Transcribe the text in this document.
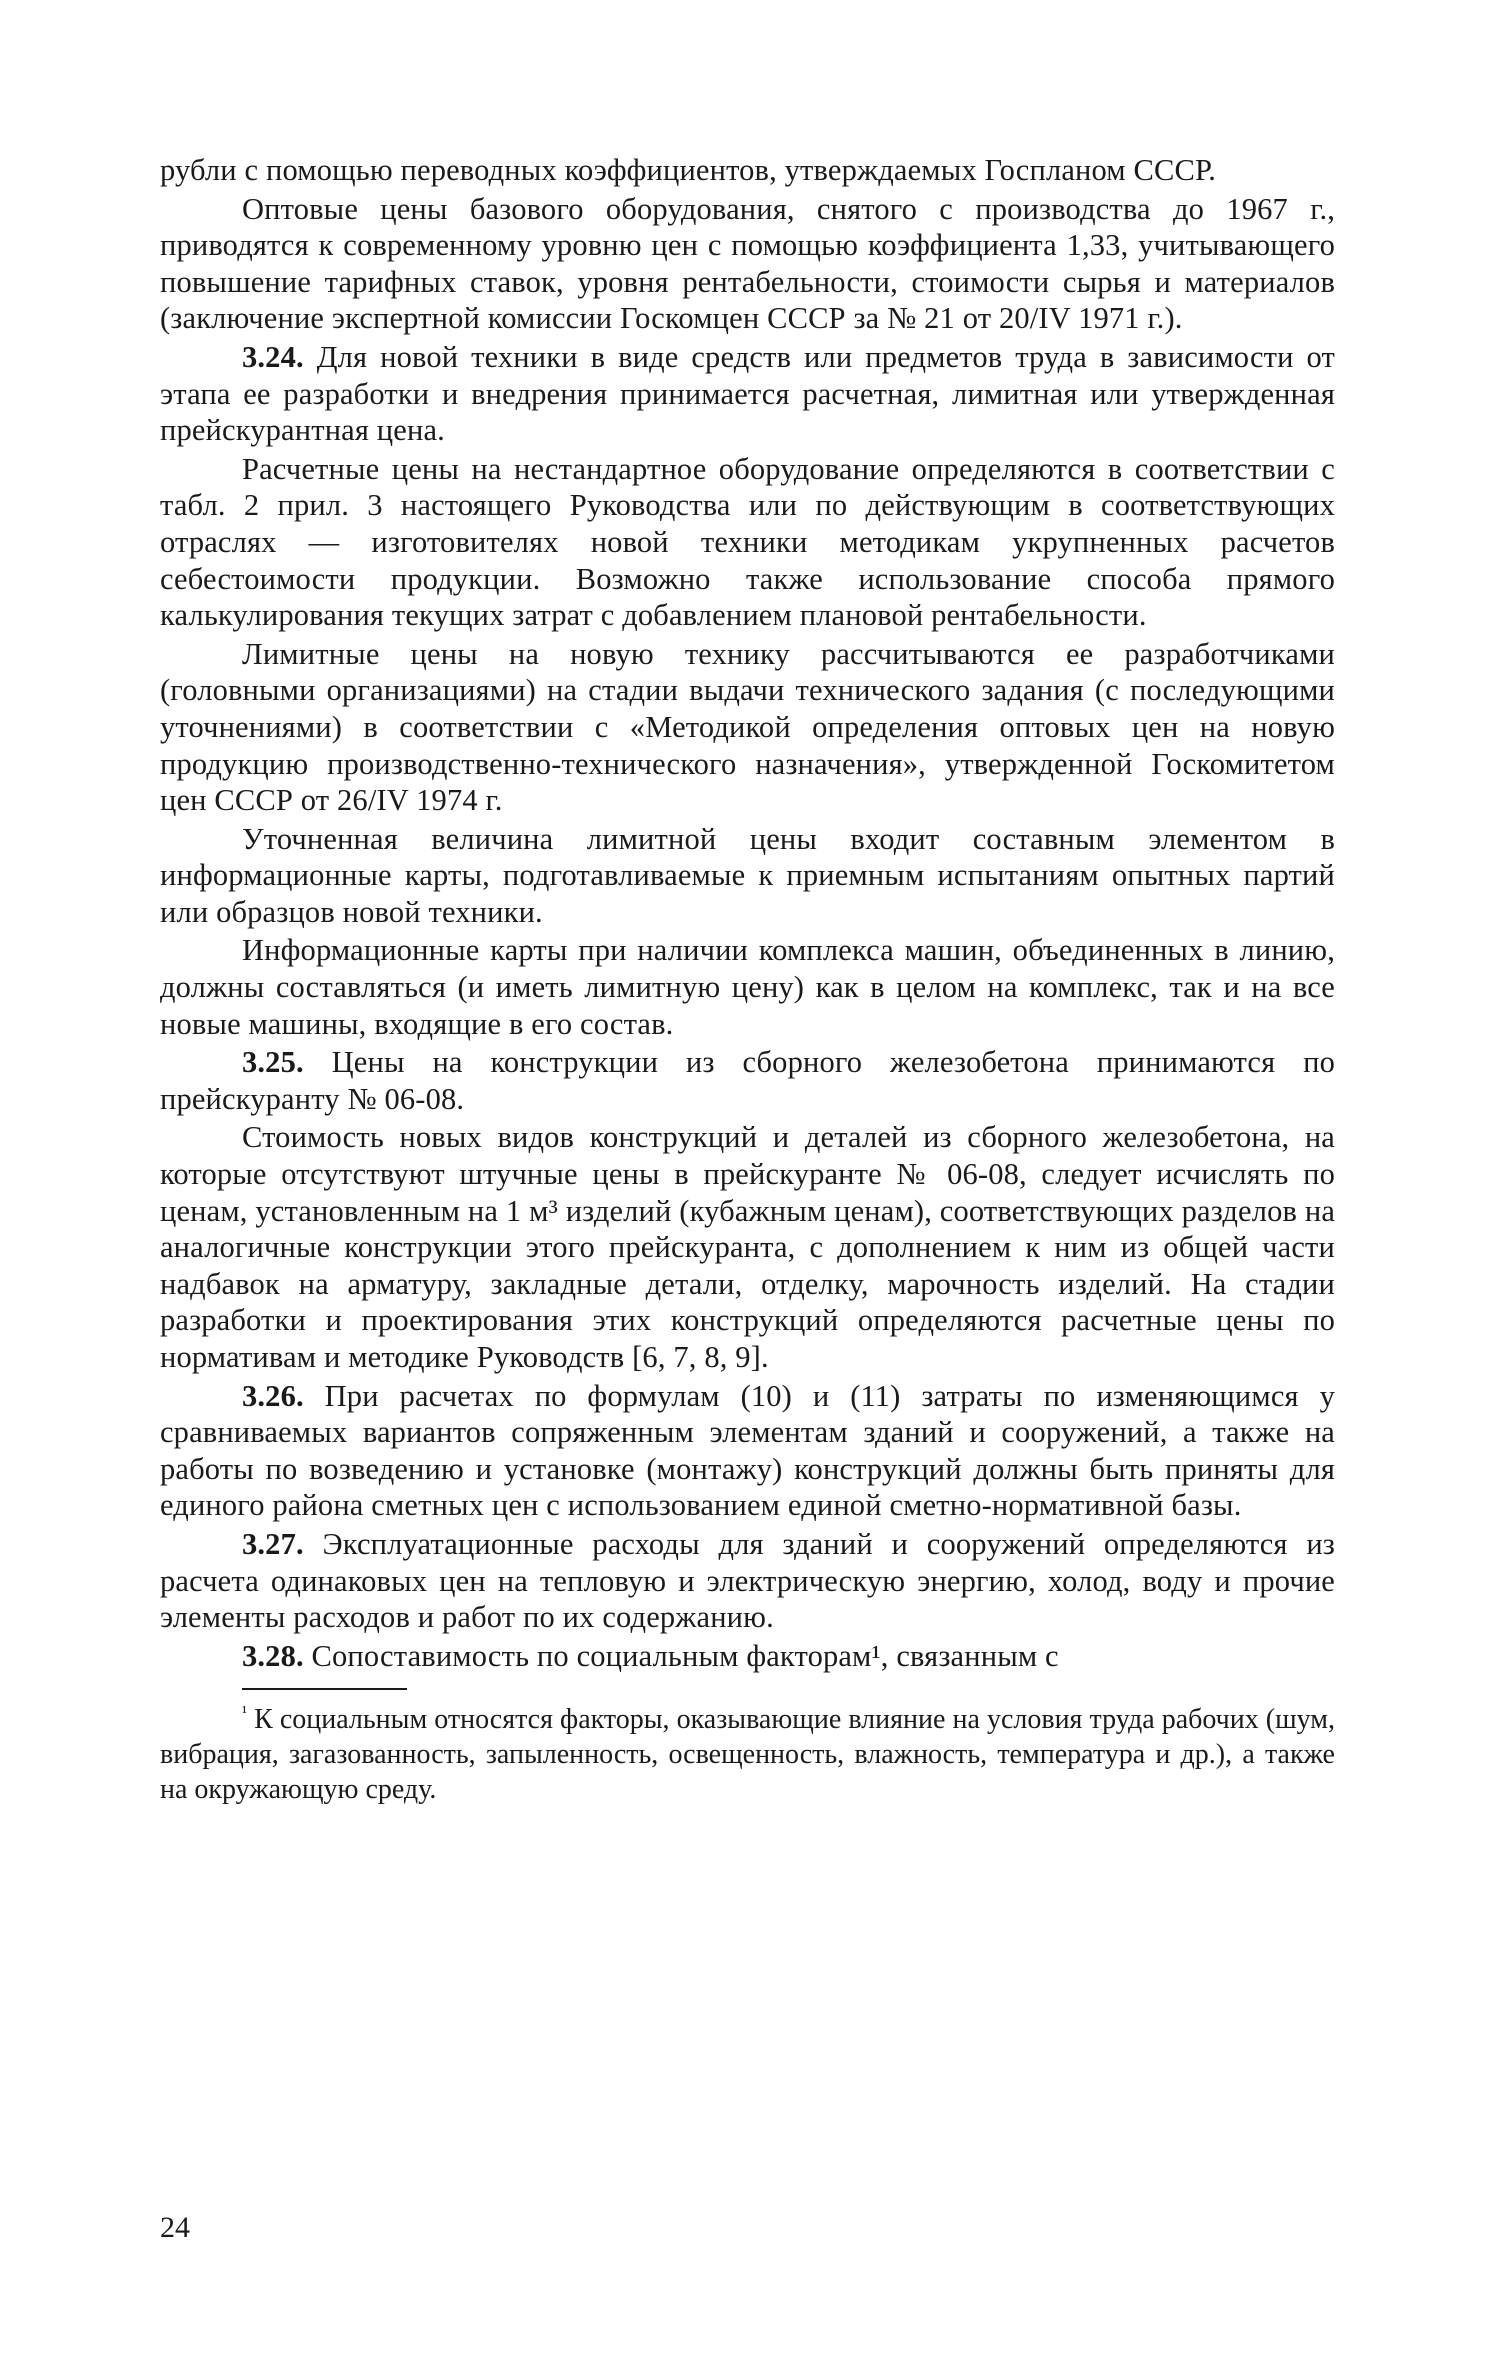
рубли с помощью переводных коэффициентов, утверждаемых Госпланом СССР.

Оптовые цены базового оборудования, снятого с производства до 1967 г., приводятся к современному уровню цен с помощью коэффициента 1,33, учитывающего повышение тарифных ставок, уровня рентабельности, стоимости сырья и материалов (заключение экспертной комиссии Госкомцен СССР за № 21 от 20/IV 1971 г.).

3.24. Для новой техники в виде средств или предметов труда в зависимости от этапа ее разработки и внедрения принимается расчетная, лимитная или утвержденная прейскурантная цена.

Расчетные цены на нестандартное оборудование определяются в соответствии с табл. 2 прил. 3 настоящего Руководства или по действующим в соответствующих отраслях — изготовителях новой техники методикам укрупненных расчетов себестоимости продукции. Возможно также использование способа прямого калькулирования текущих затрат с добавлением плановой рентабельности.

Лимитные цены на новую технику рассчитываются ее разработчиками (головными организациями) на стадии выдачи технического задания (с последующими уточнениями) в соответствии с «Методикой определения оптовых цен на новую продукцию производственно-технического назначения», утвержденной Госкомитетом цен СССР от 26/IV 1974 г.

Уточненная величина лимитной цены входит составным элементом в информационные карты, подготавливаемые к приемным испытаниям опытных партий или образцов новой техники.

Информационные карты при наличии комплекса машин, объединенных в линию, должны составляться (и иметь лимитную цену) как в целом на комплекс, так и на все новые машины, входящие в его состав.

3.25. Цены на конструкции из сборного железобетона принимаются по прейскуранту № 06-08.

Стоимость новых видов конструкций и деталей из сборного железобетона, на которые отсутствуют штучные цены в прейскуранте № 06-08, следует исчислять по ценам, установленным на 1 м³ изделий (кубажным ценам), соответствующих разделов на аналогичные конструкции этого прейскуранта, с дополнением к ним из общей части надбавок на арматуру, закладные детали, отделку, марочность изделий. На стадии разработки и проектирования этих конструкций определяются расчетные цены по нормативам и методике Руководств [6, 7, 8, 9].

3.26. При расчетах по формулам (10) и (11) затраты по изменяющимся у сравниваемых вариантов сопряженным элементам зданий и сооружений, а также на работы по возведению и установке (монтажу) конструкций должны быть приняты для единого района сметных цен с использованием единой сметно-нормативной базы.

3.27. Эксплуатационные расходы для зданий и сооружений определяются из расчета одинаковых цен на тепловую и электрическую энергию, холод, воду и прочие элементы расходов и работ по их содержанию.

3.28. Сопоставимость по социальным факторам¹, связанным с

$^{^1}$ К социальным относятся факторы, оказывающие влияние на условия труда рабочих (шум, вибрация, загазованность, запыленность, освещенность, влажность, температура и др.), а также на окружающую среду.

24
